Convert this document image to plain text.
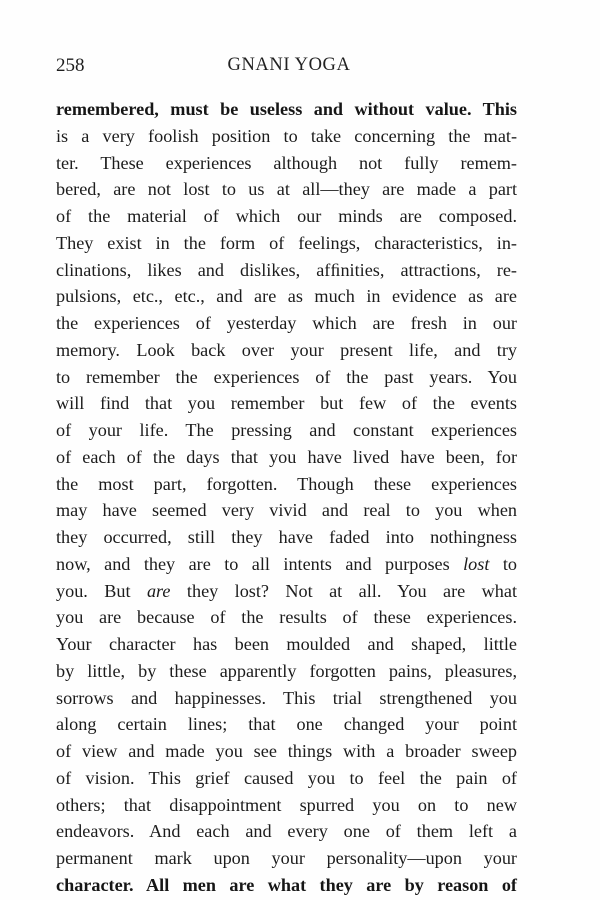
258	GNANI YOGA
remembered, must be useless and without value. This
is a very foolish position to take concerning the mat-
ter. These experiences although not fully remem-
bered, are not lost to us at all—they are made a part
of the material of which our minds are composed.
They exist in the form of feelings, characteristics, in-
clinations, likes and dislikes, afﬁnities, attractions, re-
pulsions, etc., etc., and are as much in evidence as are
the experiences of yesterday which are fresh in our
memory. Look back over your present life, and try
to remember the experiences of the past years. You
will find that you remember but few of the events
of your life. The pressing and constant experiences
of each of the days that you have lived have been, for
the most part, forgotten. Though these experiences
may have seemed very vivid and real to you when
they occurred, still they have faded into nothingness
now, and they are to all intents and purposes lost to
you. But are they lost? Not at all. You are what
you are because of the results of these experiences.
Your character has been moulded and shaped, little
by little, by these apparently forgotten pains, pleasures,
sorrows and happinesses. This trial strengthened you
along certain lines; that one changed your point
of view and made you see things with a broader sweep
of vision. This grief caused you to feel the pain of
others; that disappointment spurred you on to new
endeavors. And each and every one of them left a
permanent mark upon your personality—upon your
character. All men are what they are by reason of
